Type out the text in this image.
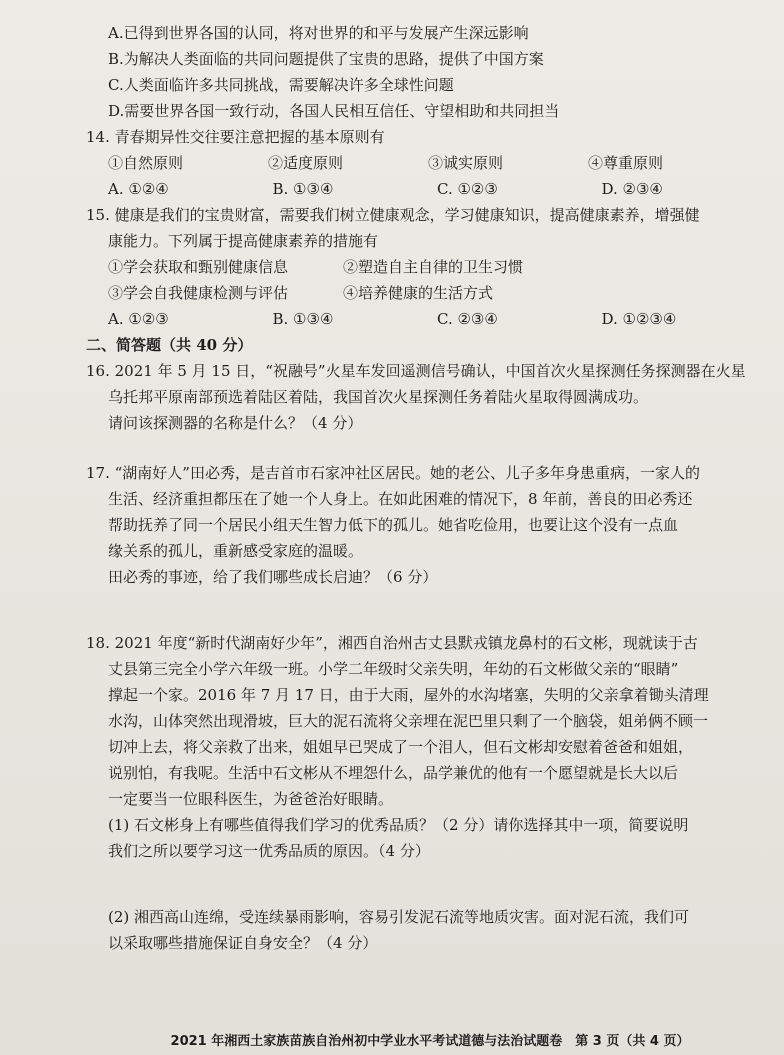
A.已得到世界各国的认同，将对世界的和平与发展产生深远影响
B.为解决人类面临的共同问题提供了宝贵的思路，提供了中国方案
C.人类面临许多共同挑战，需要解决许多全球性问题
D.需要世界各国一致行动，各国人民相互信任、守望相助和共同担当
14. 青春期异性交往要注意把握的基本原则有
①自然原则	②适度原则	③诚实原则	④尊重原则
A. ①②④	B. ①③④	C. ①②③	D. ②③④
15. 健康是我们的宝贵财富，需要我们树立健康观念，学习健康知识，提高健康素养，增强健
康能力。下列属于提高健康素养的措施有
①学会获取和甄别健康信息	②塑造自主自律的卫生习惯
③学会自我健康检测与评估	④培养健康的生活方式
A. ①②③	B. ①③④	C. ②③④	D. ①②③④
二、简答题（共 40 分）
16. 2021 年 5 月 15 日，“祝融号”火星车发回遥测信号确认，中国首次火星探测任务探测器在火星
乌托邦平原南部预选着陆区着陆，我国首次火星探测任务着陆火星取得圆满成功。
请问该探测器的名称是什么？（4 分）
17. “湖南好人”田必秀，是吉首市石家冲社区居民。她的老公、儿子多年身患重病，一家人的
生活、经济重担都压在了她一个人身上。在如此困难的情况下，8 年前，善良的田必秀还
帮助抚养了同一个居民小组天生智力低下的孤儿。她省吃俭用，也要让这个没有一点血
缘关系的孤儿，重新感受家庭的温暖。
田必秀的事迹，给了我们哪些成长启迪？（6 分）
18. 2021 年度“新时代湖南好少年”，湘西自治州古丈县默戎镇龙鼻村的石文彬，现就读于古
丈县第三完全小学六年级一班。小学二年级时父亲失明，年幼的石文彬做父亲的“眼睛”
撑起一个家。2016 年 7 月 17 日，由于大雨，屋外的水沟堵塞，失明的父亲拿着锄头清理
水沟，山体突然出现滑坡，巨大的泥石流将父亲埋在泥巴里只剩了一个脑袋，姐弟俩不顾一
切冲上去，将父亲救了出来，姐姐早已哭成了一个泪人，但石文彬却安慰着爸爸和姐姐，
说别怕，有我呢。生活中石文彬从不埋怨什么，品学兼优的他有一个愿望就是长大以后
一定要当一位眼科医生，为爸爸治好眼睛。
(1) 石文彬身上有哪些值得我们学习的优秀品质？（2 分）请你选择其中一项，简要说明
我们之所以要学习这一优秀品质的原因。（4 分）
(2) 湘西高山连绵，受连续暴雨影响，容易引发泥石流等地质灾害。面对泥石流，我们可
以采取哪些措施保证自身安全？（4 分）
2021 年湘西土家族苗族自治州初中学业水平考试道德与法治试题卷　第 3 页（共 4 页）
